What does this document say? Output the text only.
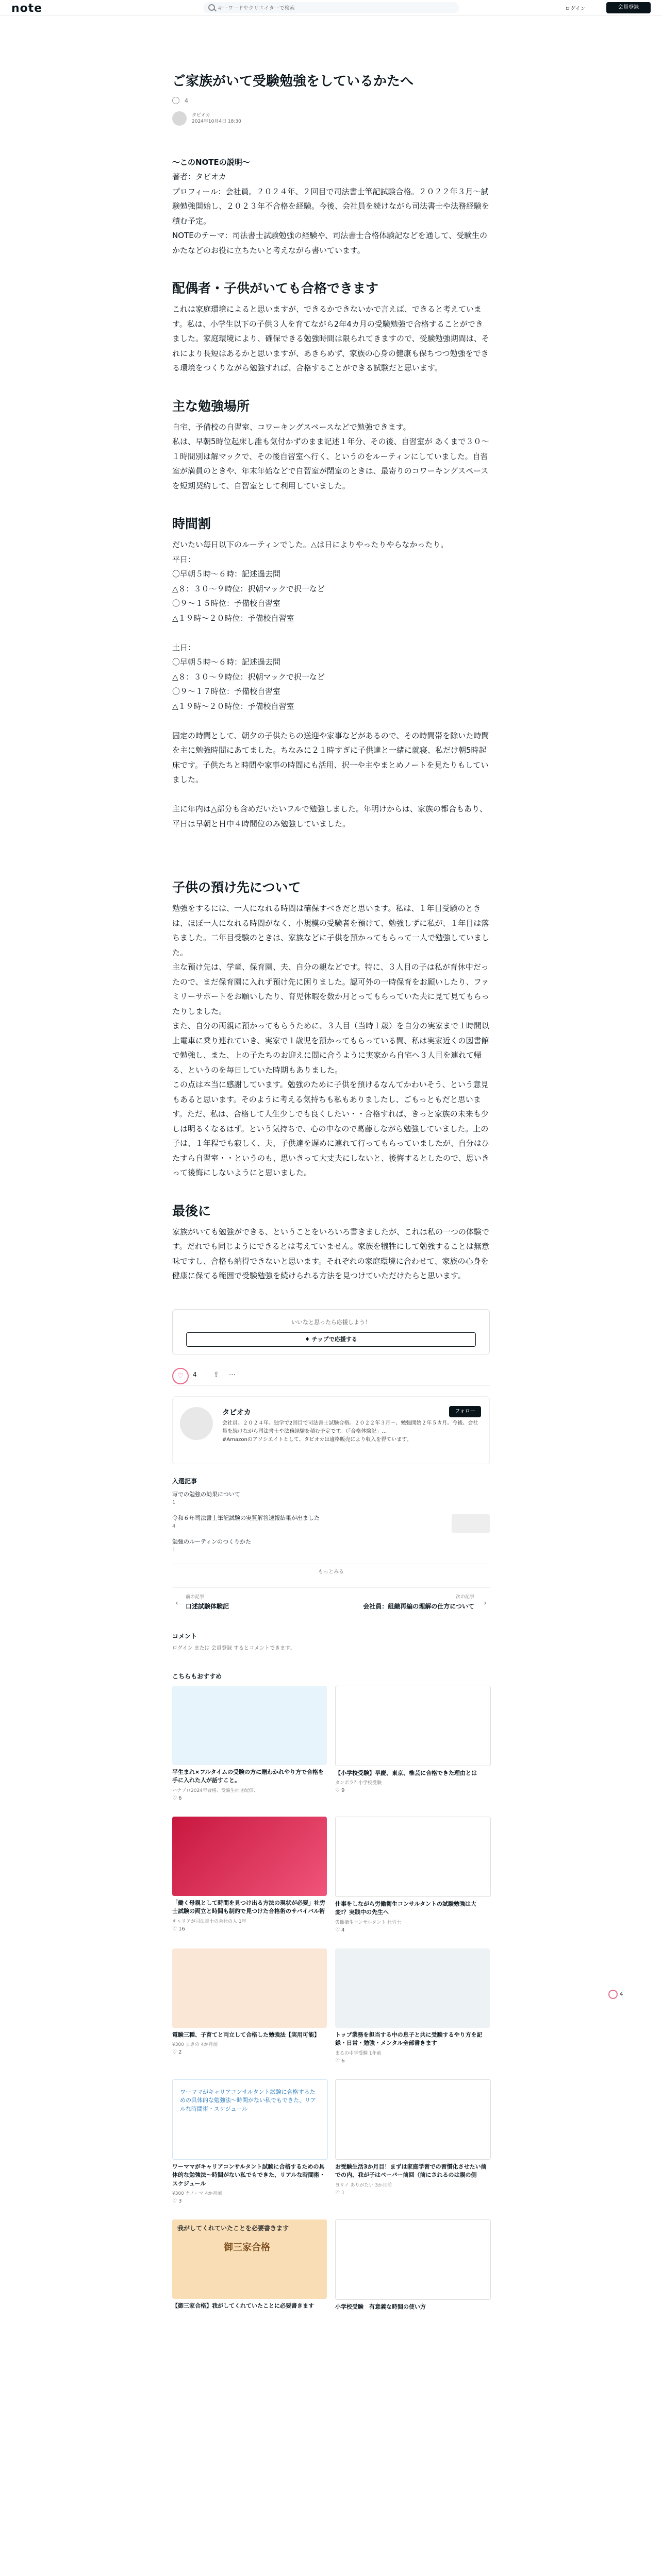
note
キーワードやクリエイターで検索	ログイン	会員登録
ご家族がいて受験勉強をしているかたへ
4
タピオカ
2024年10月4日 18:30
〜このNOTEの説明〜

著者：タピオカ

プロフィール：会社員。２０２４年、２回目で司法書士筆記試験合格。２０２２年３月〜試験勉強開始し、２０２３年不合格を経験。今後、会社員を続けながら司法書士や法務経験を積む予定。

NOTEのテーマ：司法書士試験勉強の経験や、司法書士合格体験記などを通して、受験生のかたなどのお役に立ちたいと考えながら書いています。

配偶者・子供がいても合格できます

これは家庭環境によると思いますが、できるかできないかで言えば、できると考えています。私は、小学生以下の子供３人を育てながら2年4カ月の受験勉強で合格することができました。家庭環境により、確保できる勉強時間は限られてきますので、受験勉強期間は、それにより長短はあるかと思いますが、あきらめず、家族の心身の健康も保ちつつ勉強をできる環境をつくりながら勉強すれば、合格することができる試験だと思います。

主な勉強場所

自宅、予備校の自習室、コワーキングスペースなどで勉強できます。

私は、早朝5時位起床し誰も気付かずのまま記述１年分、その後、自習室が あくまで３０〜１時間別は解マックで、その後自習室へ行く、というのをルーティンにしていました。自習室が満員のときや、年末年始などで自習室が閉室のときは、最寄りのコワーキングスペースを短期契約して、自習室として利用していました。

時間割

だいたい毎日以下のルーティンでした。△は日によりやったりやらなかったり。

平日：

〇早朝５時〜６時：記述過去問

△８：３０〜９時位：択朝マックで択一など

〇９〜１５時位：予備校自習室

△１９時〜２０時位：予備校自習室

土日：

〇早朝５時〜６時：記述過去問

△８：３０〜９時位：択朝マックで択一など

〇９〜１７時位：予備校自習室

△１９時〜２０時位：予備校自習室

固定の時間として、朝夕の子供たちの送迎や家事などがあるので、その時間帯を除いた時間を主に勉強時間にあてました。ちなみに２１時すぎに子供達と一緒に就寝、私だけ朝5時起床です。子供たちと時間や家事の時間にも活用、択一や主やまとめノートを見たりもしていました。

主に年内は△部分も含めだいたいフルで勉強しました。年明けからは、家族の都合もあり、平日は早朝と日中４時間位のみ勉強していました。

子供の預け先について

勉強をするには、一人になれる時間は確保すべきだと思います。私は、１年目受験のときは、ほぼ一人になれる時間がなく、小規模の受験者を預けて、勉強しずに私が、１年目は落ちました。二年目受験のときは、家族などに子供を預かってもらって一人で勉強していました。

主な預け先は、学童、保育園、夫、自分の親などです。特に、３人目の子は私が育休中だったので、まだ保育園に入れず預け先に困りました。認可外の一時保育をお願いしたり、ファミリーサポートをお願いしたり、育児休暇を数か月とってもらっていた夫に見て見てもらったりしました。

また、自分の両親に預かってもらうために、３人目（当時１歳）を自分の実家まで１時間以上電車に乗り連れていき、実家で１歳児を預かってもらっている間、私は実家近くの図書館で勉強し、また、上の子たちのお迎えに間に合うように実家から自宅へ３人目を連れて帰る、というのを毎日していた時期もありました。

この点は本当に感謝しています。勉強のために子供を預けるなんてかわいそう、という意見もあると思います。そのように考える気持ちも私もありましたし、ごもっともだと思います。ただ、私は、合格して人生少しでも良くしたい・・合格すれば、きっと家族の未来も少しは明るくなるはず。という気持ちで、心の中なので葛藤しながら勉強していました。上の子は、１年程でも寂しく、夫、子供達を遅めに連れて行ってもらっていましたが、自分はひたすら自習室・・というのも、思いきって大丈夫にしないと、後悔するとしたので、思いきって後悔にしないようにと思いました。

最後に

家族がいても勉強ができる、ということをいろいろ書きましたが、これは私の一つの体験です。だれでも同じようにできるとは考えていません。家族を犠牲にして勉強することは無意味ですし、合格も納得できないと思います。それぞれの家庭環境に合わせて、家族の心身を健康に保てる範囲で受験勉強を続けられる方法を見つけていただけたらと思います。

いいなと思ったら応援しよう！
♦ チップで応援する
♡	4 ⇪ ⋯
タピオカ	フォロー
会社員。２０２４年、独学で2回目で司法書士試験合格。２０２２年３月〜、勉強開始２年５カ月。今後、会社員を続けながら司法書士や法務経験を積む予定です。（「合格体験記」…
#Amazonのアソシエイトとして、タピオカは適格販売により収入を得ています。
入選記事
写での勉強の効果について
1
令和６年司法書士筆記試験の実質解答速報結果が出ました
4
勉強のルーティンのつくりかた
1
もっとみる
‹
前の記事
口述試験体験記
次の記事
会社員：組織再編の理解の仕方について ›
コメント
ログイン または 会員登録 するとコメントできます。
こちらもおすすめ
平生まれ×フルタイムの受験の方に贈わかれやり方で合格を手に入れた人が話すこと。
ハナブロ2024年合格、受験生向き配信、
♡ 6
【小学校受験】早慶、東京、椎芸に合格できた理由とは
タンポラ？小学校受験
♡ 9
「働く母親として時間を見つけ出る方法の現状が必要」社労士試験の両立と時間も制約で見つけた合格術のサバイバル術
キャリアが司法書士の会社の人 1年
♡ 16
仕事をしながら労働衛生コンサルタントの試験勉強は大変!？実践中の先生へ
労働衛生コンサルタント 社労士
♡ 4
電験三種、子育てと両立して合格した勉強法【実用可能】
¥300 まきの 4か月前
♡ 2
トップ業務を担当する中の息子と共に受験するやり方を記録・日常・勉強・メンタル全部書きます
まるの中学受験 1年前
♡ 6
ワーママがキャリアコンサルタント試験に合格するための具体的な勉強法〜時間がない私でもできた、リアルな時間術・スケジュール
ワーママがキャリアコンサルタント試験に合格するための具体的な勉強法〜時間がない私でもできた、リアルな時間術・スケジュール
¥300 ケノーマ 4か月前
♡ 3
お受験生活3か月目！まずは家庭学習での習慣化させたい前での内、我が子はぺーパー前回（前にされるのは親の側
ヨリノ ありがたい 3か月前
♡ 1
我がしてくれていたことを必要書きます
御三家合格
【御三家合格】我がしてくれていたことに必要書きます	小学校受験　有意義な時間の使い方
4
